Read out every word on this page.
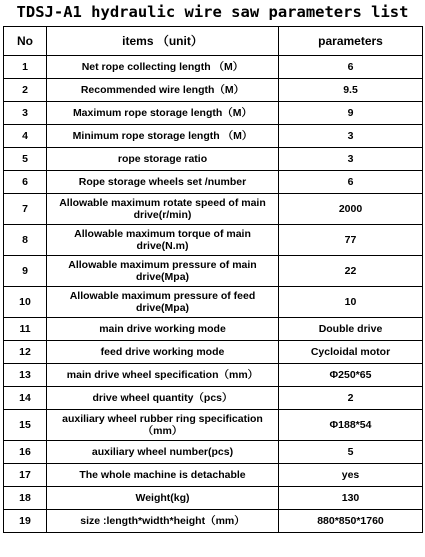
TDSJ-A1 hydraulic wire saw parameters list
No	items （unit）	parameters
1	Net rope collecting length （M）	6
2	Recommended wire length（M）	9.5
3	Maximum rope storage length（M）	9
4	Minimum rope storage length （M）	3
5	rope storage ratio	3
6	Rope storage wheels set /number	6
7	Allowable maximum rotate speed of main drive(r/min)	2000
8	Allowable maximum torque of main drive(N.m)	77
9	Allowable maximum pressure of main drive(Mpa)	22
10	Allowable maximum pressure of feed drive(Mpa)	10
11	main drive working mode	Double drive
12	feed drive working mode	Cycloidal motor
13	main drive wheel specification（mm）	Φ250*65
14	drive wheel quantity（pcs）	2
15	auxiliary wheel rubber ring specification（mm）	Φ188*54
16	auxiliary wheel number(pcs)	5
17	The whole machine is detachable	yes
18	Weight(kg)	130
19	size :length*width*height（mm）	880*850*1760
